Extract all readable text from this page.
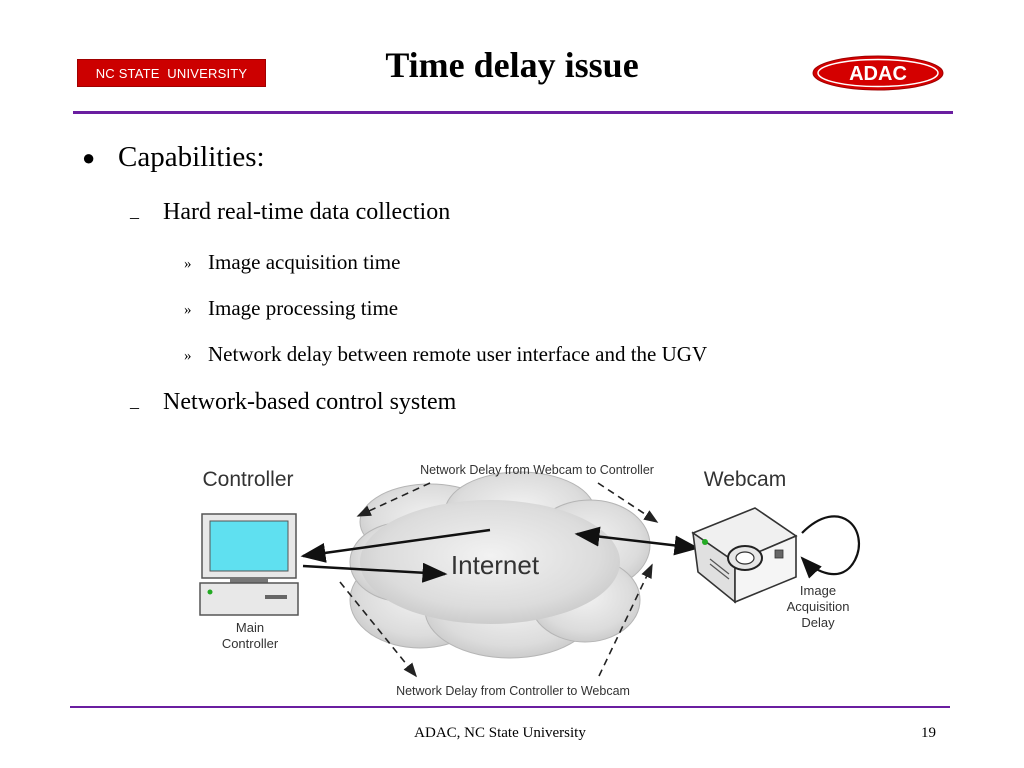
NC STATE  UNIVERSITY	Time delay issue	ADAC
● Capabilities:
– Hard real-time data collection
» Image acquisition time
» Image processing time
» Network delay between remote user interface and the UGV
– Network-based control system
Controller	Webcam
Internet
Network Delay from Webcam to Controller
Network Delay from Controller to Webcam
Main
Controller
Image
Acquisition
Delay
ADAC, NC State University	19
